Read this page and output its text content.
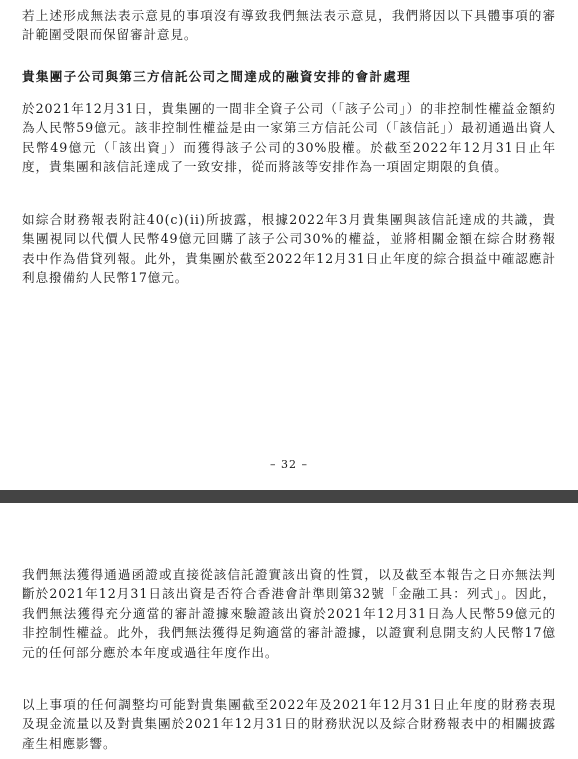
若上述形成無法表示意見的事項沒有導致我們無法表示意見，我們將因以下具體事項的審計範圍受限而保留審計意見。

貴集團子公司與第三方信託公司之間達成的融資安排的會計處理

於2021年12月31日，貴集團的一間非全資子公司（「該子公司」）的非控制性權益金額約為人民幣59億元。該非控制性權益是由一家第三方信託公司（「該信託」）最初通過出資人民幣49億元（「該出資」）而獲得該子公司的30%股權。於截至2022年12月31日止年度，貴集團和該信託達成了一致安排，從而將該等安排作為一項固定期限的負債。

如綜合財務報表附註40(c)(ii)所披露，根據2022年3月貴集團與該信託達成的共識，貴集團視同以代價人民幣49億元回購了該子公司30%的權益，並將相關金額在綜合財務報表中作為借貸列報。此外，貴集團於截至2022年12月31日止年度的綜合損益中確認應計利息撥備約人民幣17億元。

– 32 –

我們無法獲得通過函證或直接從該信託證實該出資的性質，以及截至本報告之日亦無法判斷於2021年12月31日該出資是否符合香港會計準則第32號「金融工具：列式」。因此，我們無法獲得充分適當的審計證據來驗證該出資於2021年12月31日為人民幣59億元的非控制性權益。此外，我們無法獲得足夠適當的審計證據，以證實利息開支約人民幣17億元的任何部分應於本年度或過往年度作出。

以上事項的任何調整均可能對貴集團截至2022年及2021年12月31日止年度的財務表現及現金流量以及對貴集團於2021年12月31日的財務狀況以及綜合財務報表中的相關披露產生相應影響。
